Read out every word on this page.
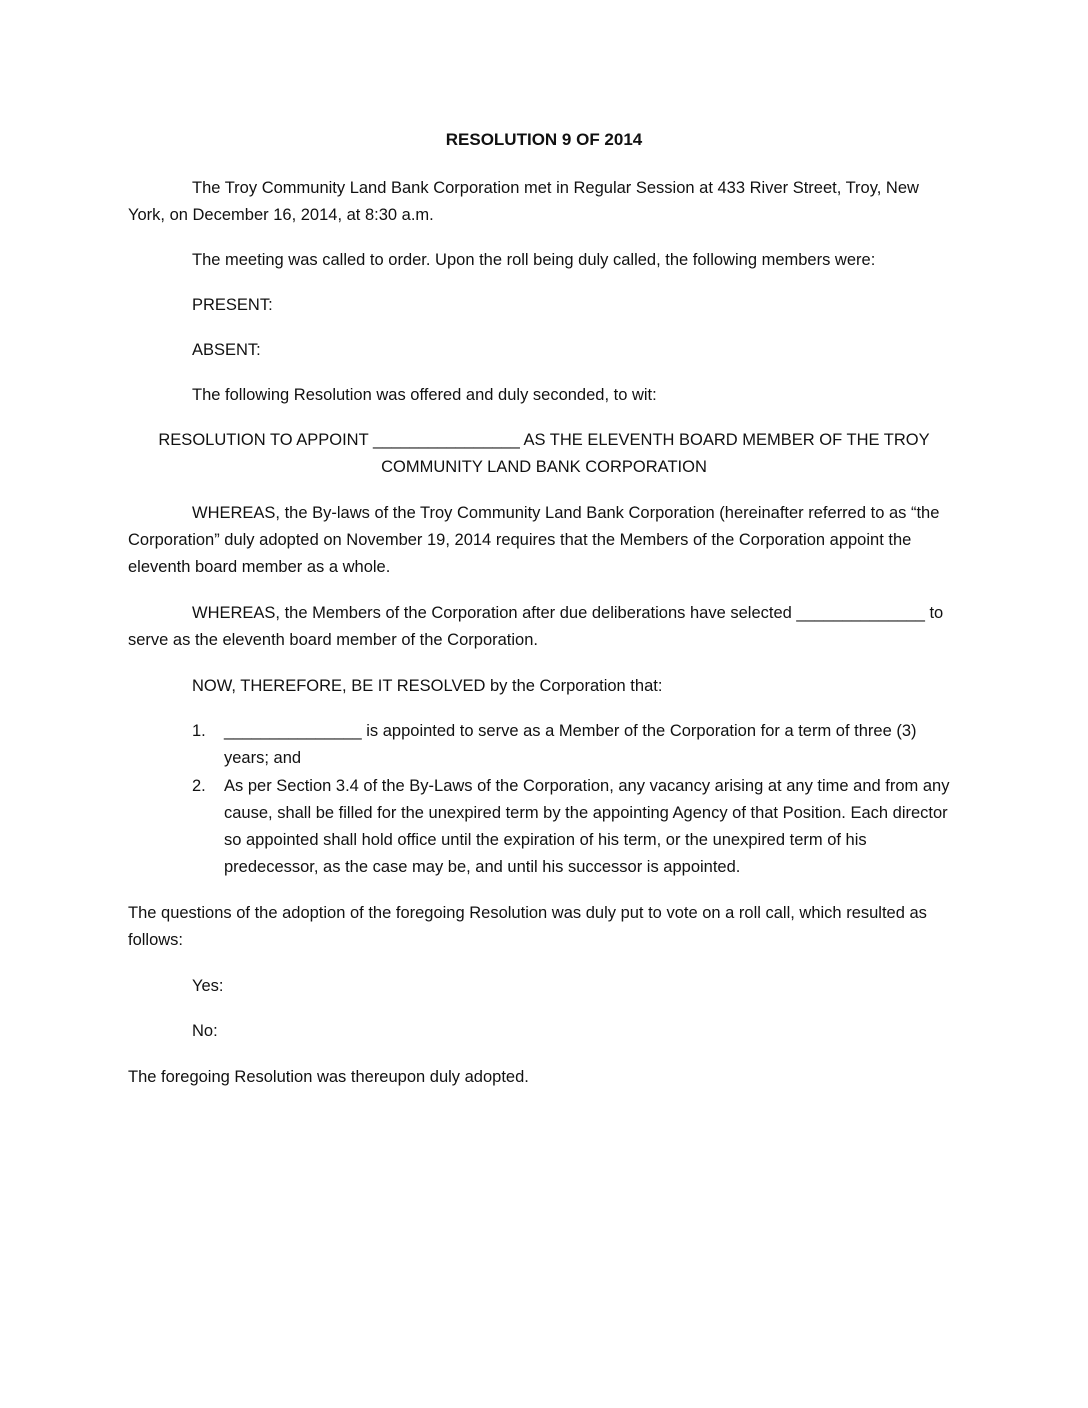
RESOLUTION 9 OF 2014
The Troy Community Land Bank Corporation met in Regular Session at 433 River Street, Troy, New York, on December 16, 2014, at 8:30 a.m.
The meeting was called to order. Upon the roll being duly called, the following members were:
PRESENT:
ABSENT:
The following Resolution was offered and duly seconded, to wit:
RESOLUTION TO APPOINT ________________ AS THE ELEVENTH BOARD MEMBER OF THE TROY
COMMUNITY LAND BANK CORPORATION
WHEREAS, the By-laws of the Troy Community Land Bank Corporation (hereinafter referred to as “the Corporation” duly adopted on November 19, 2014 requires that the Members of the Corporation appoint the eleventh board member as a whole.
WHEREAS, the Members of the Corporation after due deliberations have selected ______________ to serve as the eleventh board member of the Corporation.
NOW, THEREFORE, BE IT RESOLVED by the Corporation that:
1. _______________ is appointed to serve as a Member of the Corporation for a term of three (3) years; and
2. As per Section 3.4 of the By-Laws of the Corporation, any vacancy arising at any time and from any cause, shall be filled for the unexpired term by the appointing Agency of that Position. Each director so appointed shall hold office until the expiration of his term, or the unexpired term of his predecessor, as the case may be, and until his successor is appointed.
The questions of the adoption of the foregoing Resolution was duly put to vote on a roll call, which resulted as follows:
Yes:
No:
The foregoing Resolution was thereupon duly adopted.
